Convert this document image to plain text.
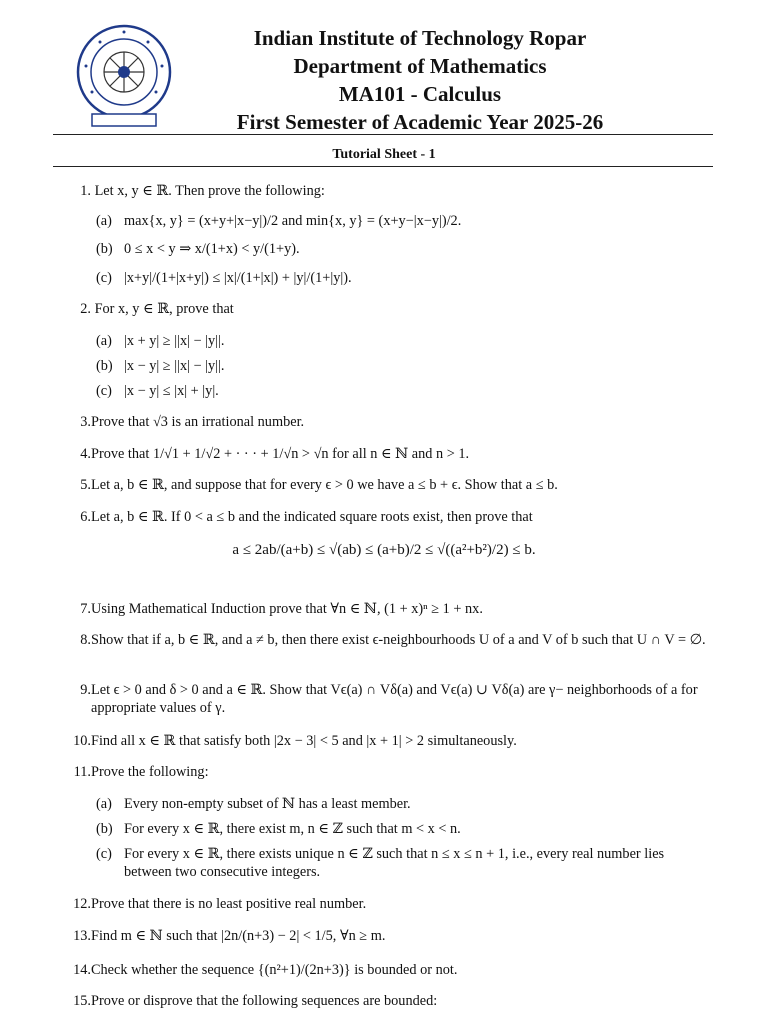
Indian Institute of Technology Ropar
Department of Mathematics
MA101 - Calculus
First Semester of Academic Year 2025-26
Tutorial Sheet - 1
1. Let x, y ∈ ℝ. Then prove the following:
(a) max{x, y} = (x+y+|x−y|)/2 and min{x, y} = (x+y−|x−y|)/2.
(b) 0 ≤ x < y ⇒ x/(1+x) < y/(1+y).
(c) |x+y|/(1+|x+y|) ≤ |x|/(1+|x|) + |y|/(1+|y|).
2. For x, y ∈ ℝ, prove that
(a) |x + y| ≥ ||x| − |y||.
(b) |x − y| ≥ ||x| − |y||.
(c) |x − y| ≤ |x| + |y|.
3.Prove that √3 is an irrational number.
4.Prove that 1/√1 + 1/√2 + · · · + 1/√n > √n for all n ∈ ℕ and n > 1.
5.Let a, b ∈ ℝ, and suppose that for every ϵ > 0 we have a ≤ b + ϵ. Show that a ≤ b.
6.Let a, b ∈ ℝ. If 0 < a ≤ b and the indicated square roots exist, then prove that
a ≤ 2ab/(a+b) ≤ √(ab) ≤ (a+b)/2 ≤ √((a²+b²)/2) ≤ b.
7.Using Mathematical Induction prove that ∀n ∈ ℕ, (1 + x)ⁿ ≥ 1 + nx.
8.Show that if a, b ∈ ℝ, and a ≠ b, then there exist ϵ-neighbourhoods U of a and V of b such that U ∩ V = ∅.
9.Let ϵ > 0 and δ > 0 and a ∈ ℝ. Show that Vϵ(a) ∩ Vδ(a) and Vϵ(a) ∪ Vδ(a) are γ− neighborhoods of a for appropriate values of γ.
10.Find all x ∈ ℝ that satisfy both |2x − 3| < 5 and |x + 1| > 2 simultaneously.
11.Prove the following:
(a) Every non-empty subset of ℕ has a least member.
(b) For every x ∈ ℝ, there exist m, n ∈ ℤ such that m < x < n.
(c) For every x ∈ ℝ, there exists unique n ∈ ℤ such that n ≤ x ≤ n + 1, i.e., every real number lies between two consecutive integers.
12.Prove that there is no least positive real number.
13.Find m ∈ ℕ such that |2n/(n+3) − 2| < 1/5, ∀n ≥ m.
14.Check whether the sequence {(n²+1)/(2n+3)} is bounded or not.
15.Prove or disprove that the following sequences are bounded:
